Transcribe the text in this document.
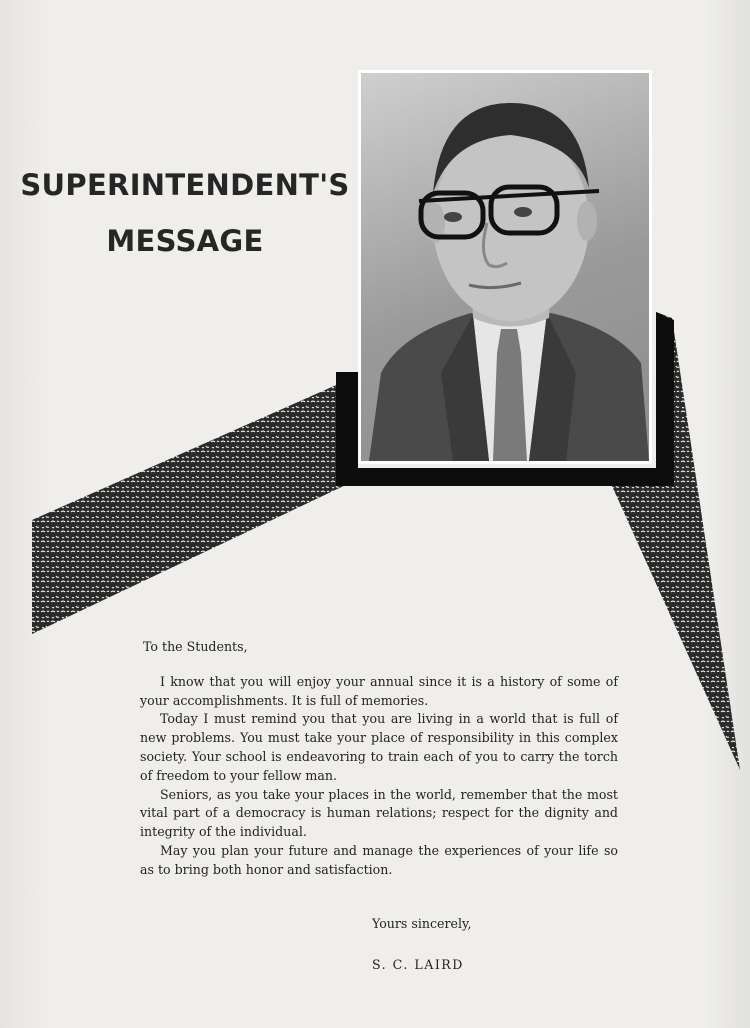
SUPERINTENDENT'S
MESSAGE

To the Students,

I know that you will enjoy your annual since it is a history of some of your accomplishments. It is full of memories.

Today I must remind you that you are living in a world that is full of new problems. You must take your place of responsibility in this complex society. Your school is endeavoring to train each of you to carry the torch of freedom to your fellow man.

Seniors, as you take your places in the world, remember that the most vital part of a democracy is human relations; respect for the dignity and integrity of the individual.

May you plan your future and manage the experiences of your life so as to bring both honor and satisfaction.

Yours sincerely,
S. C. LAIRD
